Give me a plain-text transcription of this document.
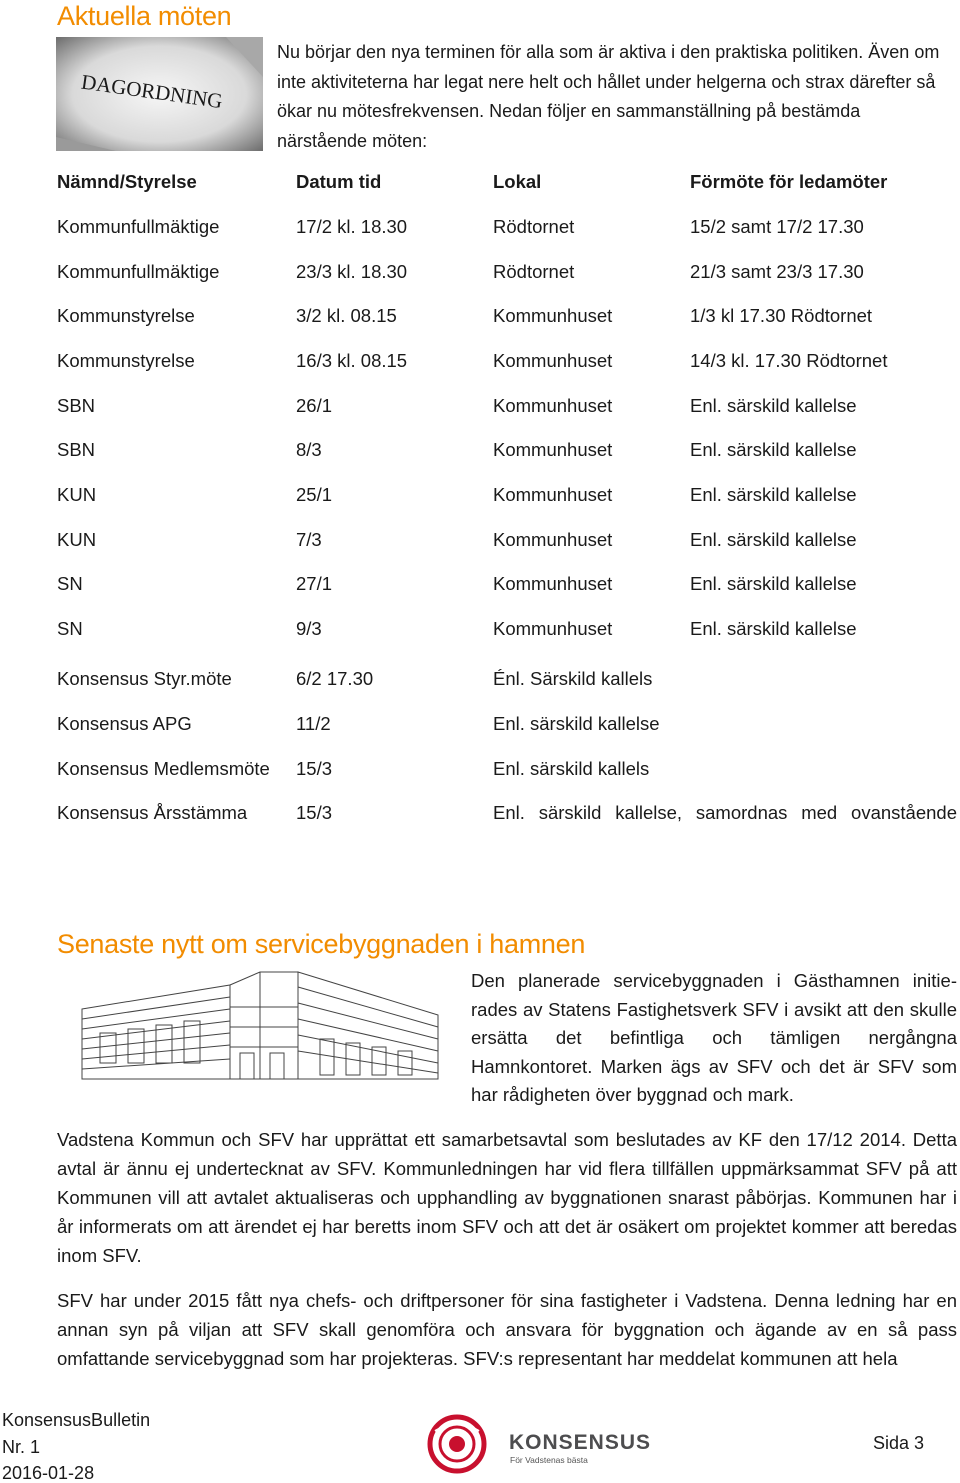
Aktuella möten
DAGORDNING
Nu börjar den nya terminen för alla som är aktiva i den praktiska politiken. Även om inte aktiviteterna har legat nere helt och hållet under helgerna och strax därefter så ökar nu mötesfrekvensen. Nedan följer en sammanställning på bestämda närstående möten:
Nämnd/Styrelse	Datum tid	Lokal	Förmöte för ledamöter
Kommunfullmäktige	17/2 kl. 18.30	Rödtornet	15/2 samt 17/2 17.30
Kommunfullmäktige	23/3 kl. 18.30	Rödtornet	21/3 samt 23/3 17.30
Kommunstyrelse	3/2 kl. 08.15	Kommunhuset	1/3 kl 17.30 Rödtornet
Kommunstyrelse	16/3 kl. 08.15	Kommunhuset	14/3 kl. 17.30 Rödtornet
SBN	26/1	Kommunhuset	Enl. särskild kallelse
SBN	8/3	Kommunhuset	Enl. särskild kallelse
KUN	25/1	Kommunhuset	Enl. särskild kallelse
KUN	7/3	Kommunhuset	Enl. särskild kallelse
SN	27/1	Kommunhuset	Enl. särskild kallelse
SN	9/3	Kommunhuset	Enl. särskild kallelse
Konsensus Styr.möte	6/2 17.30	Énl. Särskild kallels
Konsensus APG	11/2	Enl. särskild kallelse
Konsensus Medlemsmöte 15/3	Enl. särskild kallels
Konsensus Årsstämma	15/3	Enl. särskild kallelse, samordnas med ovanstående
Senaste nytt om servicebyggnaden i hamnen
Den planerade servicebyggnaden i Gästhamnen initie-rades av Statens Fastighetsverk SFV i avsikt att den skulle ersätta det befintliga och tämligen nergångna Hamnkontoret. Marken ägs av SFV och det är SFV som har rådigheten över byggnad och mark.
Vadstena Kommun och SFV har upprättat ett samarbetsavtal som beslutades av KF den 17/12 2014. Detta avtal är ännu ej undertecknat av SFV. Kommunledningen har vid flera tillfällen uppmärksammat SFV på att Kommunen vill att avtalet aktualiseras och upphandling av byggnationen snarast påbörjas. Kommunen har i år informerats om att ärendet ej har beretts inom SFV och att det är osäkert om projektet kommer att beredas inom SFV.
SFV har under 2015 fått nya chefs- och driftpersoner för sina fastigheter i Vadstena. Denna ledning har en annan syn på viljan att SFV skall genomföra och ansvara för byggnation och ägande av en så pass omfattande servicebyggnad som har projekteras. SFV:s representant har meddelat kommunen att hela
KonsensusBulletin
Nr. 1
2016-01-28
KONSENSUS
För Vadstenas bästa
Sida 3
